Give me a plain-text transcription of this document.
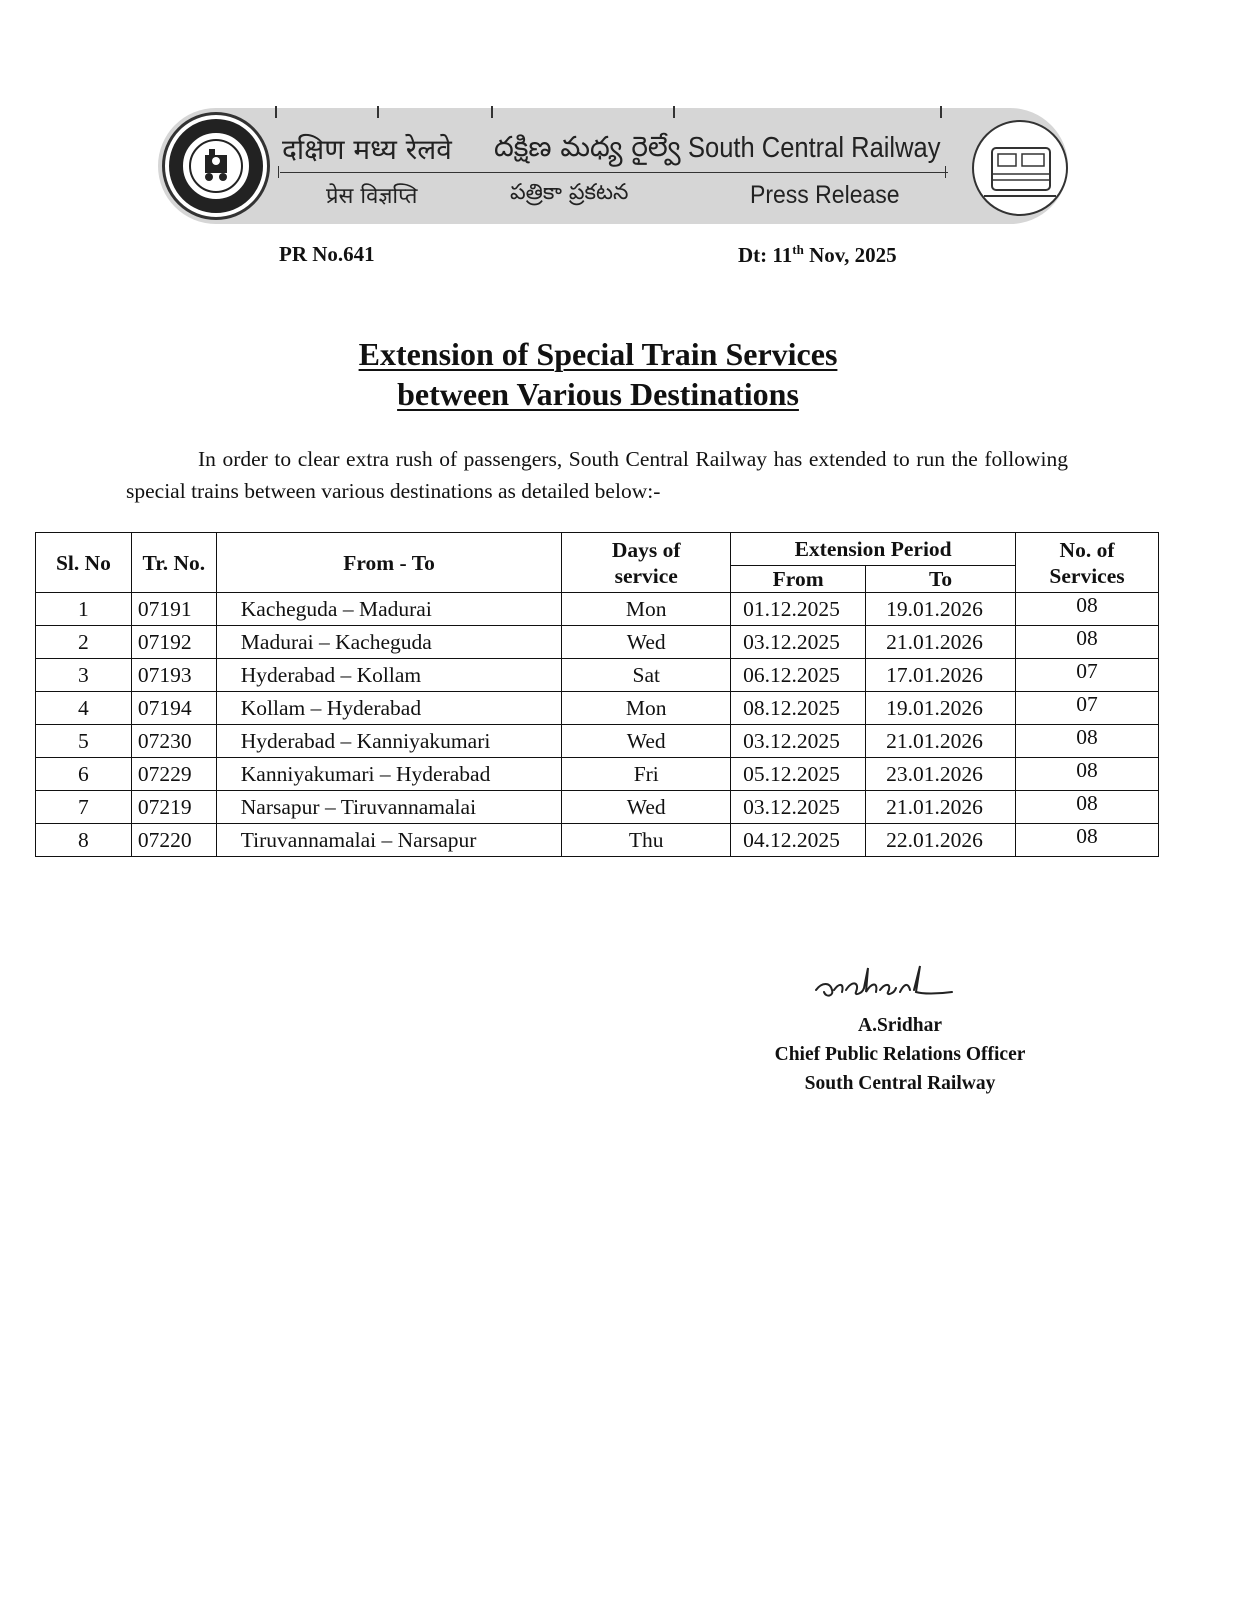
दक्षिण मध्य रेलवे దక్షిణ మధ్య రైల్వే South Central Railway
प्रेस विज्ञप्ति	పత్రికా ప్రకటన	Press Release
PR No.641	Dt: 11th Nov, 2025
Extension of Special Train Services
between Various Destinations
In order to clear extra rush of passengers, South Central Railway has extended to run the following special trains between various destinations as detailed below:-
Sl. No	Tr. No.	From - To	Days of service	Extension Period		No. of Services
				From	To	
1	07191	Kacheguda – Madurai	Mon	01.12.2025	19.01.2026	08
2	07192	Madurai – Kacheguda	Wed	03.12.2025	21.01.2026	08
3	07193	Hyderabad – Kollam	Sat	06.12.2025	17.01.2026	07
4	07194	Kollam – Hyderabad	Mon	08.12.2025	19.01.2026	07
5	07230	Hyderabad – Kanniyakumari	Wed	03.12.2025	21.01.2026	08
6	07229	Kanniyakumari – Hyderabad	Fri	05.12.2025	23.01.2026	08
7	07219	Narsapur – Tiruvannamalai	Wed	03.12.2025	21.01.2026	08
8	07220	Tiruvannamalai – Narsapur	Thu	04.12.2025	22.01.2026	08
A.Sridhar
Chief Public Relations Officer
South Central Railway
